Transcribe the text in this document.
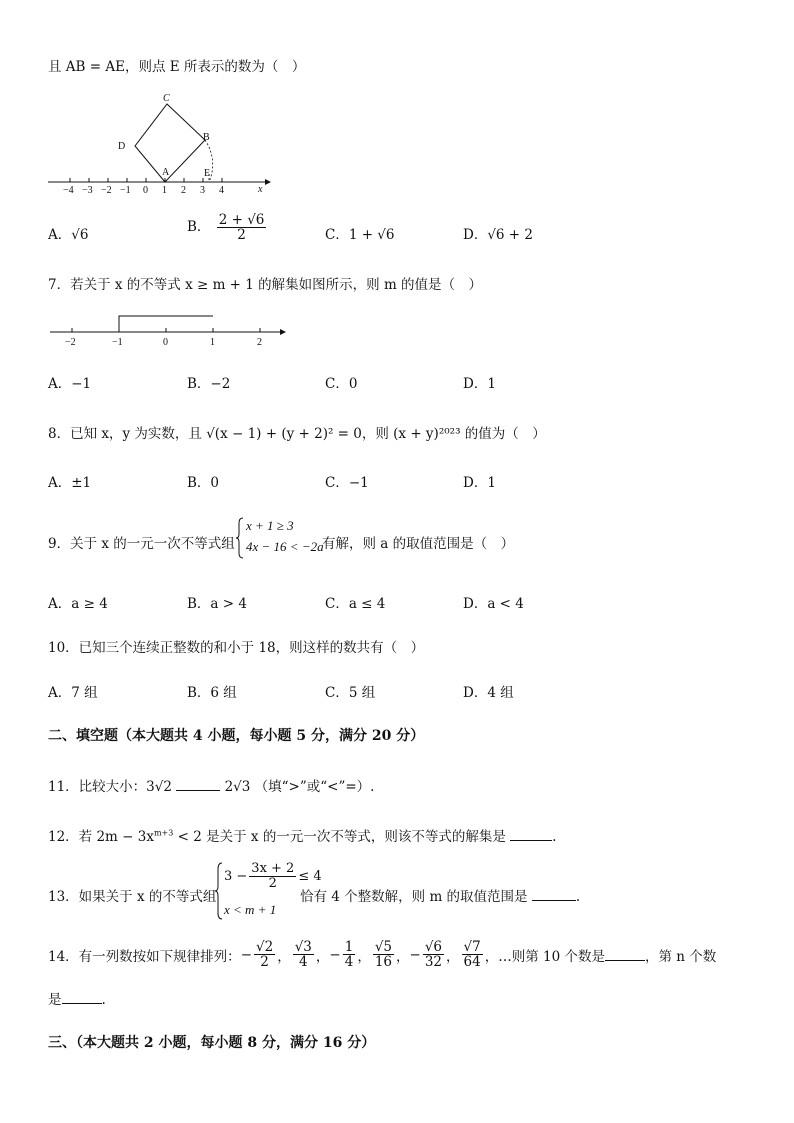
且 AB = AE，则点 E 所表示的数为（　）
C
D
B
A	E
−4 −3 −2 −1 0 1 2 3 4	x
A．√6	B． $\frac{2 + √6}{2}$	C．1 + √6	D．√6 + 2
7．若关于 x 的不等式 x ≥ m + 1 的解集如图所示，则 m 的值是（　）
−2	−1	0	1	2
A．−1	B．−2	C．0	D．1
8．已知 x，y 为实数，且 √(x − 1) + (y + 2)² = 0，则 (x + y)²⁰²³ 的值为（　）
A．±1	B．0	C．−1	D．1
9．关于 x 的一元一次不等式组
x + 1 ≥ 3
4x − 16 < −2a
有解，则 a 的取值范围是（　）
A．a ≥ 4	B．a > 4	C．a ≤ 4	D．a < 4
10．已知三个连续正整数的和小于 18，则这样的数共有（　）
A．7 组	B．6 组	C．5 组	D．4 组
二、填空题（本大题共 4 小题，每小题 5 分，满分 20 分）
11．比较大小：3√2	2√3 （填“>”或“<”=）.
12．若 $2m - 3x^{m+3} < 2$ 是关于 x 的一元一次不等式，则该不等式的解集是	.
13．如果关于 x 的不等式组
$3 - \frac{3x + 2}{2} \le 4$
x < m + 1
恰有 4 个整数解，则 m 的取值范围是	.
14．有一列数按如下规律排列： − $\frac{√2}{2}$ ， $\frac{√3}{4}$ ， − $\frac{1}{4}$ ， $\frac{√5}{16}$ ， − $\frac{√6}{32}$ ， $\frac{√7}{64}$ ， …则第 10 个数是	，第 n 个数
是	.
三、（本大题共 2 小题，每小题 8 分，满分 16 分）
